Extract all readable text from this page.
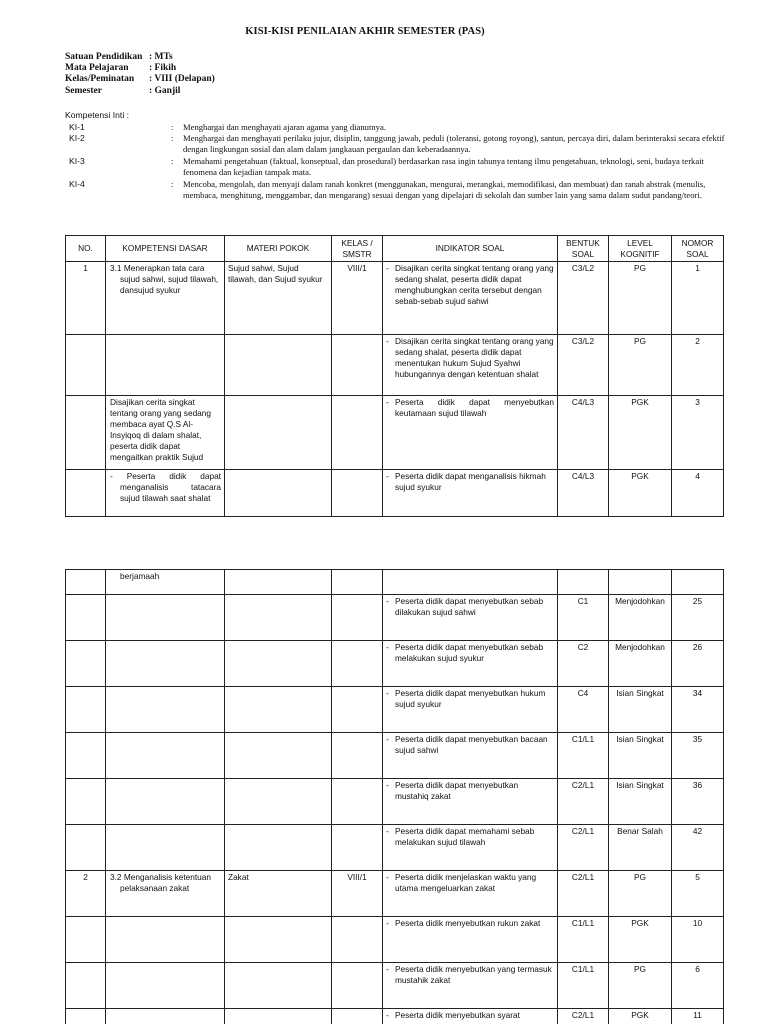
KISI-KISI PENILAIAN AKHIR SEMESTER (PAS)
Satuan Pendidikan : MTs
Mata Pelajaran	: Fikih
Kelas/Peminatan	: VIII (Delapan)
Semester	: Ganjil
Kompetensi Inti :
KI-1	: Menghargai dan menghayati ajaran agama yang dianutnya.
KI-2	: Menghargai dan menghayati perilaku jujur, disiplin, tanggung jawab, peduli (toleransi, gotong royong), santun, percaya diri, dalam berinteraksi secara efektif dengan lingkungan sosial dan alam dalam jangkauan pergaulan dan keberadaannya.
KI-3	: Memahami pengetahuan (faktual, konseptual, dan prosedural) berdasarkan rasa ingin tahunya tentang ilmu pengetahuan, teknologi, seni, budaya terkait fenomena dan kejadian tampak mata.
KI-4	: Mencoba, mengolah, dan menyaji dalam ranah konkret (menggunakan, mengurai, merangkai, memodifikasi, dan membuat) dan ranah abstrak (menulis, membaca, menghitung, menggambar, dan mengarang) sesuai dengan yang dipelajari di sekolah dan sumber lain yang sama dalam sudut pandang/teori.
NO.	KOMPETENSI DASAR	MATERI POKOK	KELAS / SMSTR	INDIKATOR SOAL	BENTUK SOAL	LEVEL KOGNITIF	NOMOR SOAL
1	3.1 Menerapkan tata cara sujud sahwi, sujud tilawah, dansujud syukur	Sujud sahwi, Sujud tilawah, dan Sujud syukur	VIII/1	- Disajikan cerita singkat tentang orang yang sedang shalat, peserta didik dapat menghubungkan cerita tersebut dengan sebab-sebab sujud sahwi	C3/L2	PG	1

				- Disajikan cerita singkat tentang orang yang sedang shalat, peserta didik dapat menentukan hukum Sujud Syahwi hubungannya dengan ketentuan shalat	C3/L2	PG	2
	Disajikan cerita singkat tentang orang yang sedang membaca ayat Q.S Al-Insyiqoq di dalam shalat, peserta didik dapat mengaitkan praktik Sujud			- Peserta didik dapat menyebutkan keutamaan sujud tilawah	C4/L3	PGK	3

	- Peserta didik dapat menganalisis tatacara sujud tilawah saat shalat			- Peserta didik dapat menganalisis hikmah sujud syukur	C4/L3	PGK	4

	berjamaah						

				- Peserta didik dapat menyebutkan sebab dilakukan sujud sahwi	C1	Menjodohkan	25

				- Peserta didik dapat menyebutkan sebab melakukan sujud syukur	C2	Menjodohkan	26

				- Peserta didik dapat menyebutkan hukum sujud syukur	C4	Isian Singkat	34

				- Peserta didik dapat menyebutkan bacaan sujud sahwi	C1/L1	Isian Singkat	35

				- Peserta didik dapat menyebutkan mustahiq zakat	C2/L1	Isian Singkat	36

				- Peserta didik dapat memahami sebab melakukan sujud tilawah	C2/L1	Benar Salah	42
2	3.2 Menganalisis ketentuan pelaksanaan zakat	Zakat	VIII/1	- Peserta didik menjelaskan waktu yang utama mengeluarkan zakat	C2/L1	PG	5

				- Peserta didik menyebutkan rukun zakat	C1/L1	PGK	10

				- Peserta didik menyebutkan yang termasuk mustahik zakat	C1/L1	PG	6

				- Peserta didik menyebutkan syarat	C2/L1	PGK	11
